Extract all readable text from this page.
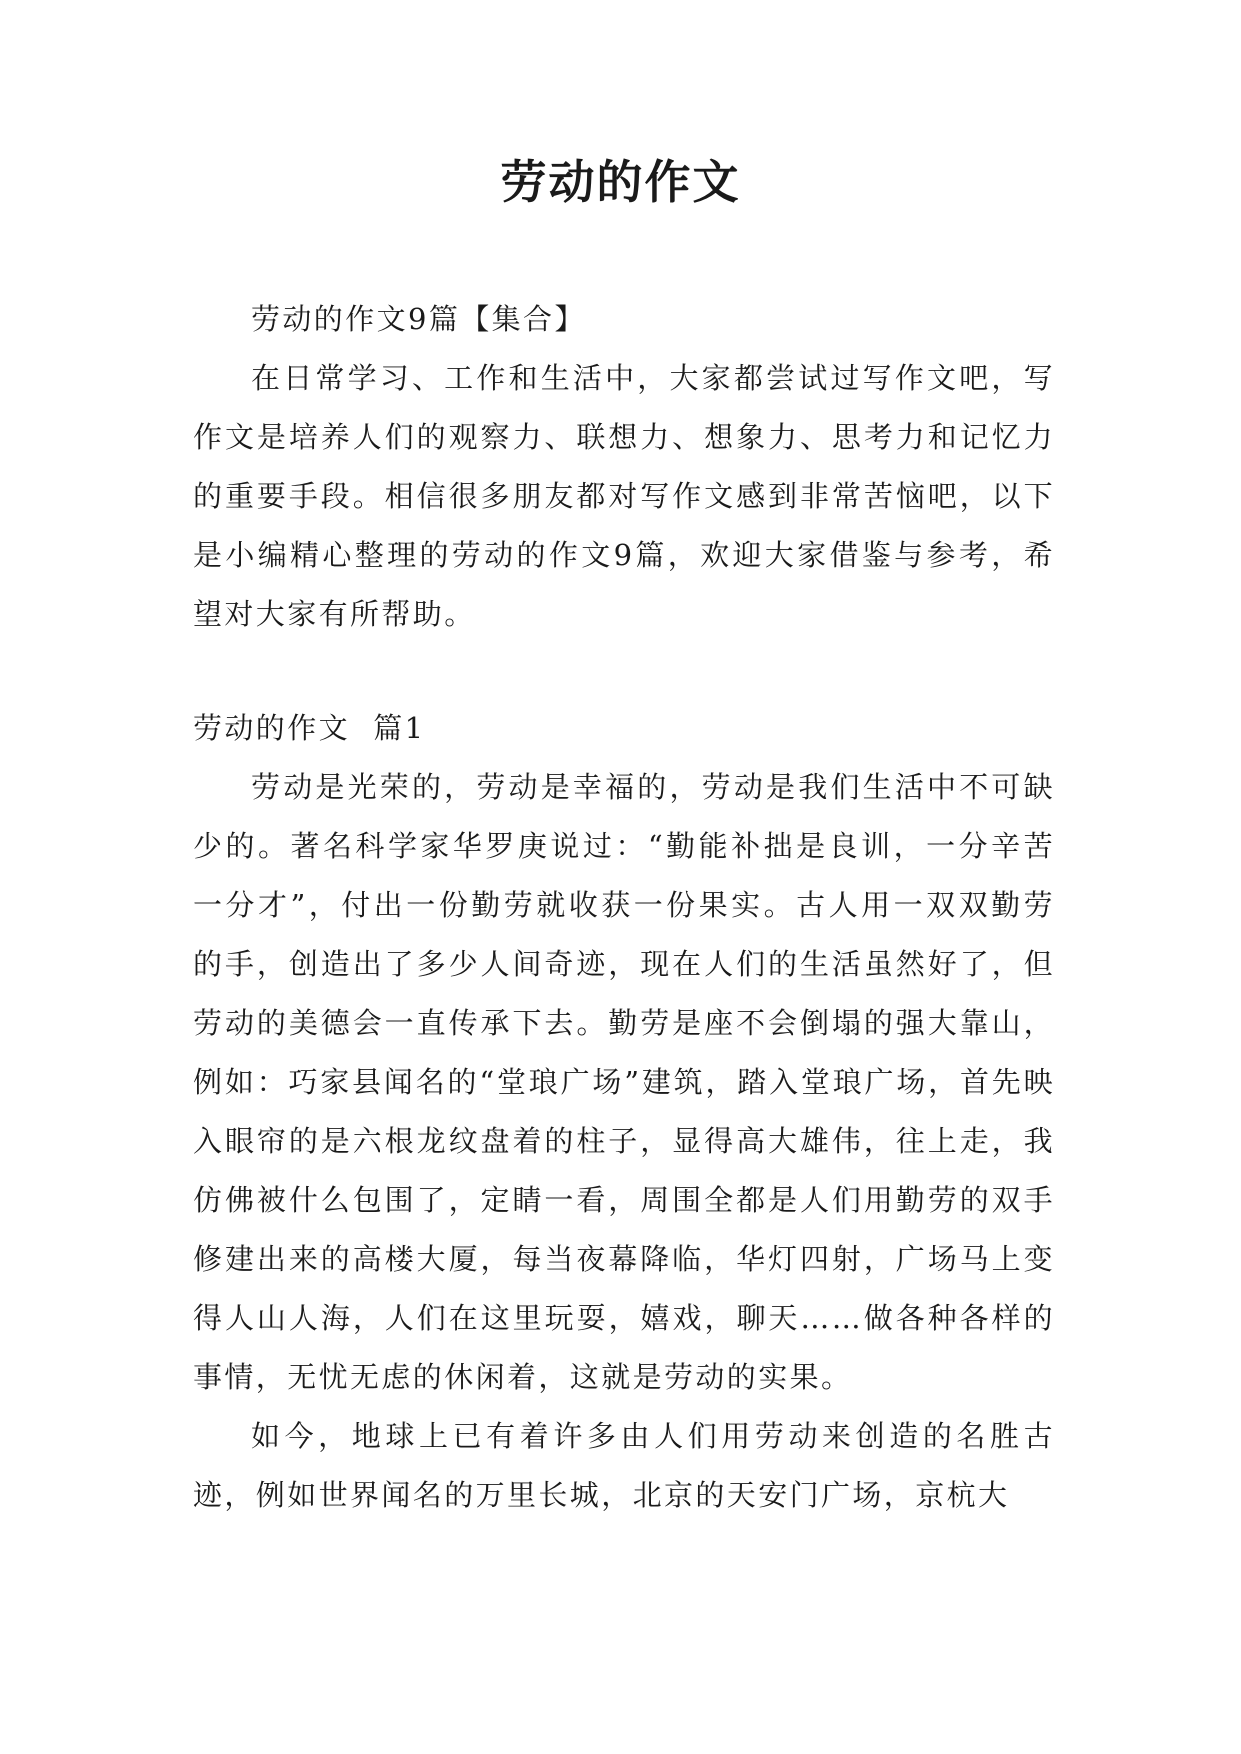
劳动的作文

劳动的作文9篇【集合】

在日常学习、工作和生活中，大家都尝试过写作文吧，写作文是培养人们的观察力、联想力、想象力、思考力和记忆力的重要手段。相信很多朋友都对写作文感到非常苦恼吧，以下是小编精心整理的劳动的作文9篇，欢迎大家借鉴与参考，希望对大家有所帮助。

劳动的作文  篇1

劳动是光荣的，劳动是幸福的，劳动是我们生活中不可缺少的。著名科学家华罗庚说过：“勤能补拙是良训，一分辛苦一分才”，付出一份勤劳就收获一份果实。古人用一双双勤劳的手，创造出了多少人间奇迹，现在人们的生活虽然好了，但劳动的美德会一直传承下去。勤劳是座不会倒塌的强大靠山，例如：巧家县闻名的“堂琅广场”建筑，踏入堂琅广场，首先映入眼帘的是六根龙纹盘着的柱子，显得高大雄伟，往上走，我仿佛被什么包围了，定睛一看，周围全都是人们用勤劳的双手修建出来的高楼大厦，每当夜幕降临，华灯四射，广场马上变得人山人海，人们在这里玩耍，嬉戏，聊天……做各种各样的事情，无忧无虑的休闲着，这就是劳动的实果。

如今，地球上已有着许多由人们用劳动来创造的名胜古迹，例如世界闻名的万里长城，北京的天安门广场，京杭大
